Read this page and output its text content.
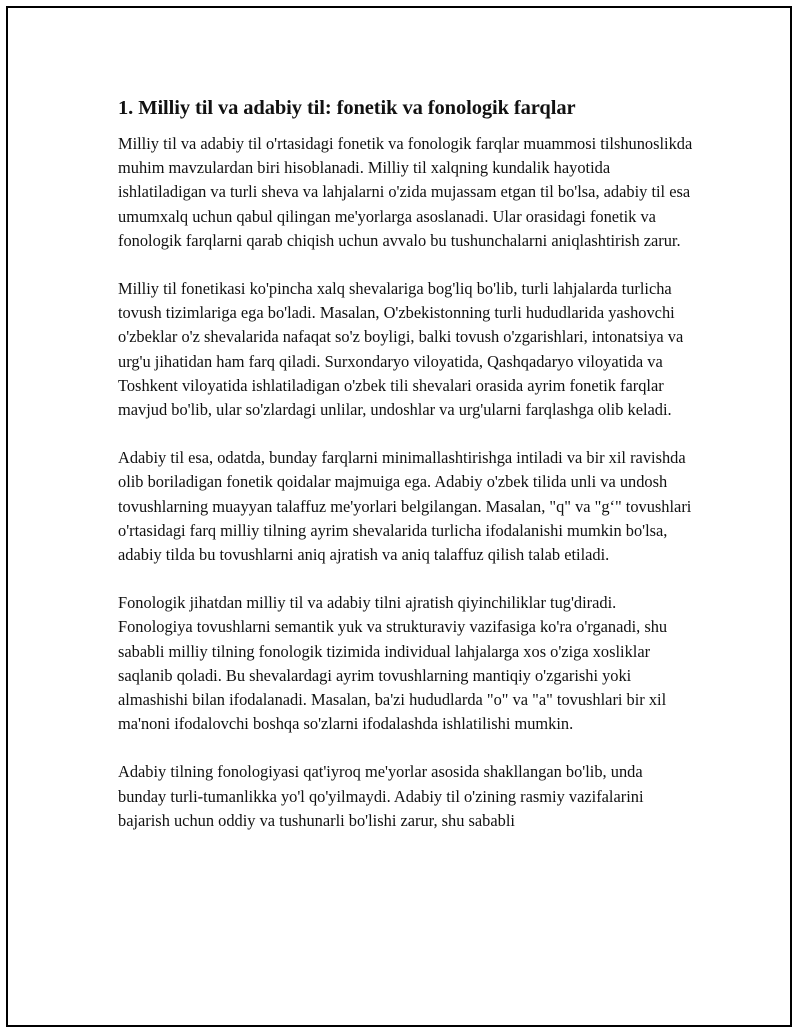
1. Milliy til va adabiy til: fonetik va fonologik farqlar

Milliy til va adabiy til o'rtasidagi fonetik va fonologik farqlar muammosi tilshunoslikda muhim mavzulardan biri hisoblanadi. Milliy til xalqning kundalik hayotida ishlatiladigan va turli sheva va lahjalarni o'zida mujassam etgan til bo'lsa, adabiy til esa umumxalq uchun qabul qilingan me'yorlarga asoslanadi. Ular orasidagi fonetik va fonologik farqlarni qarab chiqish uchun avvalo bu tushunchalarni aniqlashtirish zarur.

Milliy til fonetikasi ko'pincha xalq shevalariga bog'liq bo'lib, turli lahjalarda turlicha tovush tizimlariga ega bo'ladi. Masalan, O'zbekistonning turli hududlarida yashovchi o'zbeklar o'z shevalarida nafaqat so'z boyligi, balki tovush o'zgarishlari, intonatsiya va urg'u jihatidan ham farq qiladi. Surxondaryo viloyatida, Qashqadaryo viloyatida va Toshkent viloyatida ishlatiladigan o'zbek tili shevalari orasida ayrim fonetik farqlar mavjud bo'lib, ular so'zlardagi unlilar, undoshlar va urg'ularni farqlashga olib keladi.

Adabiy til esa, odatda, bunday farqlarni minimallashtirishga intiladi va bir xil ravishda olib boriladigan fonetik qoidalar majmuiga ega. Adabiy o'zbek tilida unli va undosh tovushlarning muayyan talaffuz me'yorlari belgilangan. Masalan, "q" va "g‘" tovushlari o'rtasidagi farq milliy tilning ayrim shevalarida turlicha ifodalanishi mumkin bo'lsa, adabiy tilda bu tovushlarni aniq ajratish va aniq talaffuz qilish talab etiladi.

Fonologik jihatdan milliy til va adabiy tilni ajratish qiyinchiliklar tug'diradi. Fonologiya tovushlarni semantik yuk va strukturaviy vazifasiga ko'ra o'rganadi, shu sababli milliy tilning fonologik tizimida individual lahjalarga xos o'ziga xosliklar saqlanib qoladi. Bu shevalardagi ayrim tovushlarning mantiqiy o'zgarishi yoki almashishi bilan ifodalanadi. Masalan, ba'zi hududlarda "o" va "a" tovushlari bir xil ma'noni ifodalovchi boshqa so'zlarni ifodalashda ishlatilishi mumkin.

Adabiy tilning fonologiyasi qat'iyroq me'yorlar asosida shakllangan bo'lib, unda bunday turli-tumanlikka yo'l qo'yilmaydi. Adabiy til o'zining rasmiy vazifalarini bajarish uchun oddiy va tushunarli bo'lishi zarur, shu sababli
